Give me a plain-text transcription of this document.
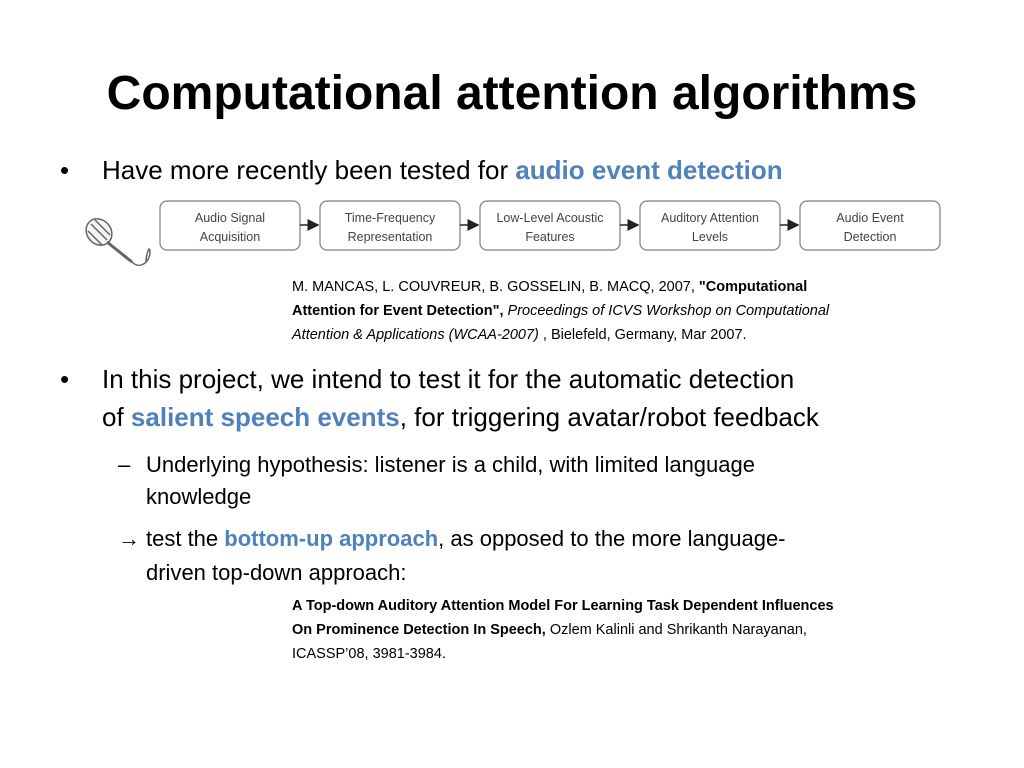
Computational attention algorithms
• Have more recently been tested for audio event detection
Audio Signal
Acquisition
Time-Frequency
Representation
Low-Level Acoustic
Features
Auditory Attention
Levels
Audio Event
Detection
M. MANCAS, L. COUVREUR, B. GOSSELIN, B. MACQ, 2007, "Computational
Attention for Event Detection", Proceedings of ICVS Workshop on Computational
Attention & Applications (WCAA-2007) , Bielefeld, Germany, Mar 2007.
• In this project, we intend to test it for the automatic detection
of salient speech events, for triggering avatar/robot feedback
– Underlying hypothesis: listener is a child, with limited language
knowledge
→ test the bottom-up approach, as opposed to the more language-
driven top-down approach:
A Top-down Auditory Attention Model For Learning Task Dependent Influences
On Prominence Detection In Speech, Ozlem Kalinli and Shrikanth Narayanan,
ICASSP’08, 3981-3984.
